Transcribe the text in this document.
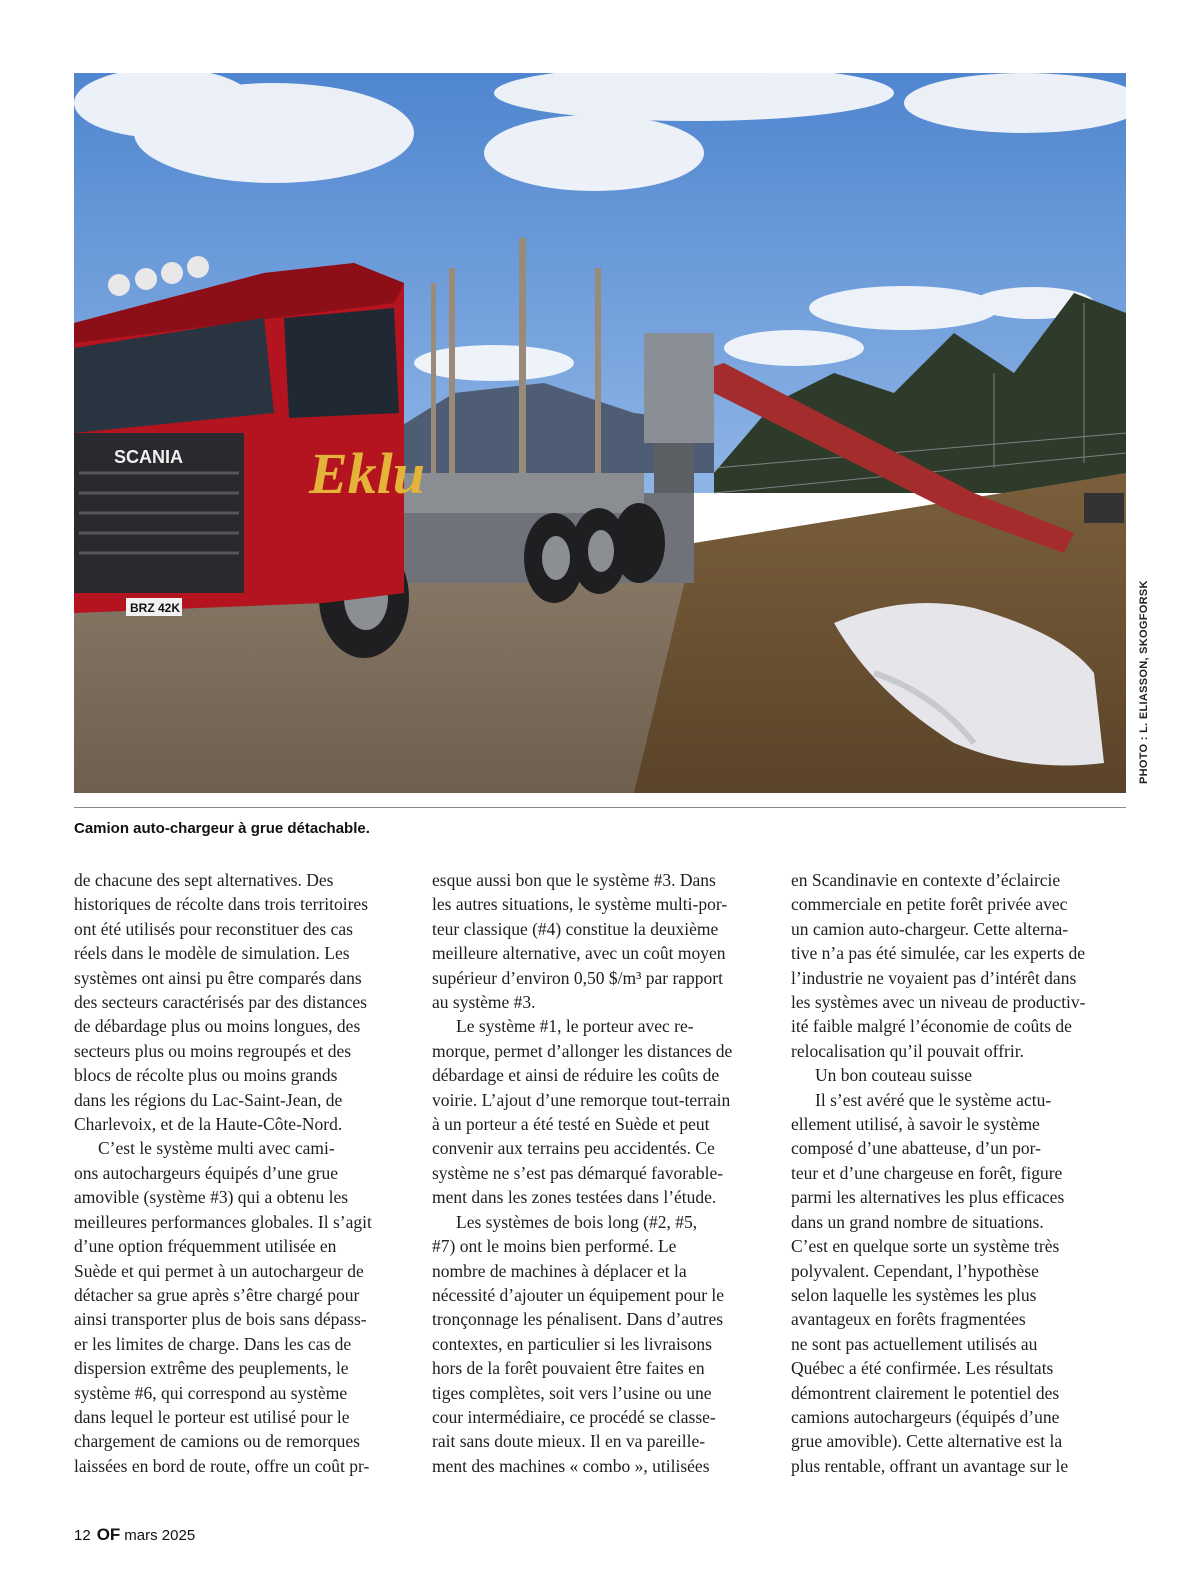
SCANIA Eklu
BRZ 42K	PHOTO : L. ELIASSON, SKOGFORSK
Camion auto-chargeur à grue détachable.

de chacune des sept alternatives. Des
historiques de récolte dans trois territoires
ont été utilisés pour reconstituer des cas
réels dans le modèle de simulation. Les
systèmes ont ainsi pu être comparés dans
des secteurs caractérisés par des distances
de débardage plus ou moins longues, des
secteurs plus ou moins regroupés et des
blocs de récolte plus ou moins grands
dans les régions du Lac-Saint-Jean, de
Charlevoix, et de la Haute-Côte-Nord.

C’est le système multi avec cami-
ons autochargeurs équipés d’une grue
amovible (système #3) qui a obtenu les
meilleures performances globales. Il s’agit
d’une option fréquemment utilisée en
Suède et qui permet à un autochargeur de
détacher sa grue après s’être chargé pour
ainsi transporter plus de bois sans dépass-
er les limites de charge. Dans les cas de
dispersion extrême des peuplements, le
système #6, qui correspond au système
dans lequel le porteur est utilisé pour le
chargement de camions ou de remorques
laissées en bord de route, offre un coût pr-

esque aussi bon que le système #3. Dans
les autres situations, le système multi-por-
teur classique (#4) constitue la deuxième
meilleure alternative, avec un coût moyen
supérieur d’environ 0,50 $/m³ par rapport
au système #3.

Le système #1, le porteur avec re-
morque, permet d’allonger les distances de
débardage et ainsi de réduire les coûts de
voirie. L’ajout d’une remorque tout-terrain
à un porteur a été testé en Suède et peut
convenir aux terrains peu accidentés. Ce
système ne s’est pas démarqué favorable-
ment dans les zones testées dans l’étude.

Les systèmes de bois long (#2, #5,
#7) ont le moins bien performé. Le
nombre de machines à déplacer et la
nécessité d’ajouter un équipement pour le
tronçonnage les pénalisent. Dans d’autres
contextes, en particulier si les livraisons
hors de la forêt pouvaient être faites en
tiges complètes, soit vers l’usine ou une
cour intermédiaire, ce procédé se classe-
rait sans doute mieux. Il en va pareille-
ment des machines « combo », utilisées

en Scandinavie en contexte d’éclaircie
commerciale en petite forêt privée avec
un camion auto-chargeur. Cette alterna-
tive n’a pas été simulée, car les experts de
l’industrie ne voyaient pas d’intérêt dans
les systèmes avec un niveau de productiv-
ité faible malgré l’économie de coûts de
relocalisation qu’il pouvait offrir.

Un bon couteau suisse

Il s’est avéré que le système actu-
ellement utilisé, à savoir le système
composé d’une abatteuse, d’un por-
teur et d’une chargeuse en forêt, figure
parmi les alternatives les plus efficaces
dans un grand nombre de situations.
C’est en quelque sorte un système très
polyvalent. Cependant, l’hypothèse
selon laquelle les systèmes les plus
avantageux en forêts fragmentées
ne sont pas actuellement utilisés au
Québec a été confirmée. Les résultats
démontrent clairement le potentiel des
camions autochargeurs (équipés d’une
grue amovible). Cette alternative est la
plus rentable, offrant un avantage sur le

12 OF mars 2025
